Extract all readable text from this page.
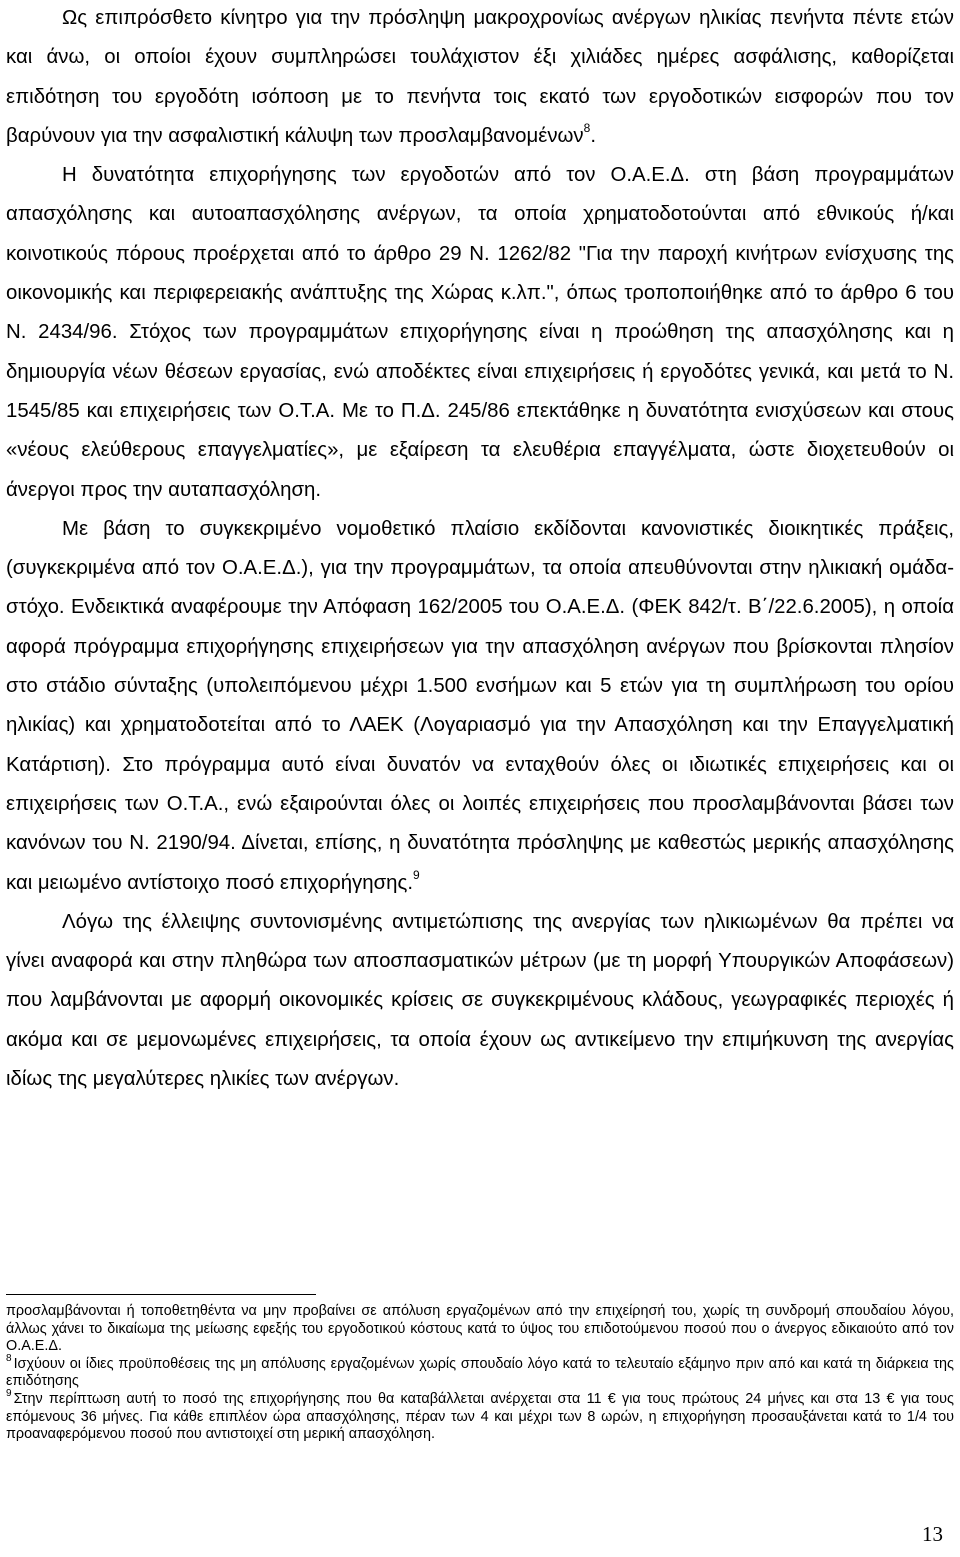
Ως επιπρόσθετο κίνητρο για την πρόσληψη μακροχρονίως ανέργων ηλικίας πενήντα πέντε ετών και άνω, οι οποίοι έχουν συμπληρώσει τουλάχιστον έξι χιλιάδες ημέρες ασφάλισης, καθορίζεται επιδότηση του εργοδότη ισόποση με το πενήντα τοις εκατό των εργοδοτικών εισφορών που τον βαρύνουν για την ασφαλιστική κάλυψη των προσλαμβανομένων$^8$.

Η δυνατότητα επιχορήγησης των εργοδοτών από τον Ο.Α.Ε.Δ. στη βάση προγραμμάτων απασχόλησης και αυτοαπασχόλησης ανέργων, τα οποία χρηματοδοτούνται από εθνικούς ή/και κοινοτικούς πόρους προέρχεται από το άρθρο 29 Ν. 1262/82 "Για την παροχή κινήτρων ενίσχυσης της οικονομικής και περιφερειακής ανάπτυξης της Χώρας κ.λπ.", όπως τροποποιήθηκε από το άρθρο 6 του Ν. 2434/96. Στόχος των προγραμμάτων επιχορήγησης είναι η προώθηση της απασχόλησης και η δημιουργία νέων θέσεων εργασίας, ενώ αποδέκτες είναι επιχειρήσεις ή εργοδότες γενικά, και μετά το Ν. 1545/85 και επιχειρήσεις των Ο.Τ.Α. Με το Π.Δ. 245/86 επεκτάθηκε η δυνατότητα ενισχύσεων και στους «νέους ελεύθερους επαγγελματίες», με εξαίρεση τα ελευθέρια επαγγέλματα, ώστε διοχετευθούν οι άνεργοι προς την αυταπασχόληση.

Με βάση το συγκεκριμένο νομοθετικό πλαίσιο εκδίδονται κανονιστικές διοικητικές πράξεις, (συγκεκριμένα από τον Ο.Α.Ε.Δ.), για την προγραμμάτων, τα οποία απευθύνονται στην ηλικιακή ομάδα-στόχο. Ενδεικτικά αναφέρουμε την Απόφαση 162/2005 του Ο.Α.Ε.Δ. (ΦΕΚ 842/τ. Β΄/22.6.2005), η οποία αφορά πρόγραμμα επιχορήγησης επιχειρήσεων για την απασχόληση ανέργων που βρίσκονται πλησίον στο στάδιο σύνταξης (υπολειπόμενου μέχρι 1.500 ενσήμων και 5 ετών για τη συμπλήρωση του ορίου ηλικίας) και χρηματοδοτείται από το ΛΑΕΚ (Λογαριασμό για την Απασχόληση και την Επαγγελματική Κατάρτιση). Στο πρόγραμμα αυτό είναι δυνατόν να ενταχθούν όλες οι ιδιωτικές επιχειρήσεις και οι επιχειρήσεις των Ο.Τ.Α., ενώ εξαιρούνται όλες οι λοιπές επιχειρήσεις που προσλαμβάνονται βάσει των κανόνων του Ν. 2190/94. Δίνεται, επίσης, η δυνατότητα πρόσληψης με καθεστώς μερικής απασχόλησης και μειωμένο αντίστοιχο ποσό επιχορήγησης.$^9$

Λόγω της έλλειψης συντονισμένης αντιμετώπισης της ανεργίας των ηλικιωμένων θα πρέπει να γίνει αναφορά και στην πληθώρα των αποσπασματικών μέτρων (με τη μορφή Υπουργικών Αποφάσεων) που λαμβάνονται με αφορμή οικονομικές κρίσεις σε συγκεκριμένους κλάδους, γεωγραφικές περιοχές ή ακόμα και σε μεμονωμένες επιχειρήσεις, τα οποία έχουν ως αντικείμενο την επιμήκυνση της ανεργίας ιδίως της μεγαλύτερες ηλικίες των ανέργων.

προσλαμβάνονται ή τοποθετηθέντα να μην προβαίνει σε απόλυση εργαζομένων από την επιχείρησή του, χωρίς τη συνδρομή σπουδαίου λόγου, άλλως χάνει το δικαίωμα της μείωσης εφεξής του εργοδοτικού κόστους κατά το ύψος του επιδοτούμενου ποσού που ο άνεργος εδικαιούτο από τον Ο.Α.Ε.Δ.

$^8$ Ισχύουν οι ίδιες προϋποθέσεις της μη απόλυσης εργαζομένων χωρίς σπουδαίο λόγο κατά το τελευταίο εξάμηνο πριν από και κατά τη διάρκεια της επιδότησης

$^9$ Στην περίπτωση αυτή το ποσό της επιχορήγησης που θα καταβάλλεται ανέρχεται στα 11 € για τους πρώτους 24 μήνες και στα 13 € για τους επόμενους 36 μήνες. Για κάθε επιπλέον ώρα απασχόλησης, πέραν των 4 και μέχρι των 8 ωρών, η επιχορήγηση προσαυξάνεται κατά το 1/4 του προαναφερόμενου ποσού που αντιστοιχεί στη μερική απασχόληση.

13
